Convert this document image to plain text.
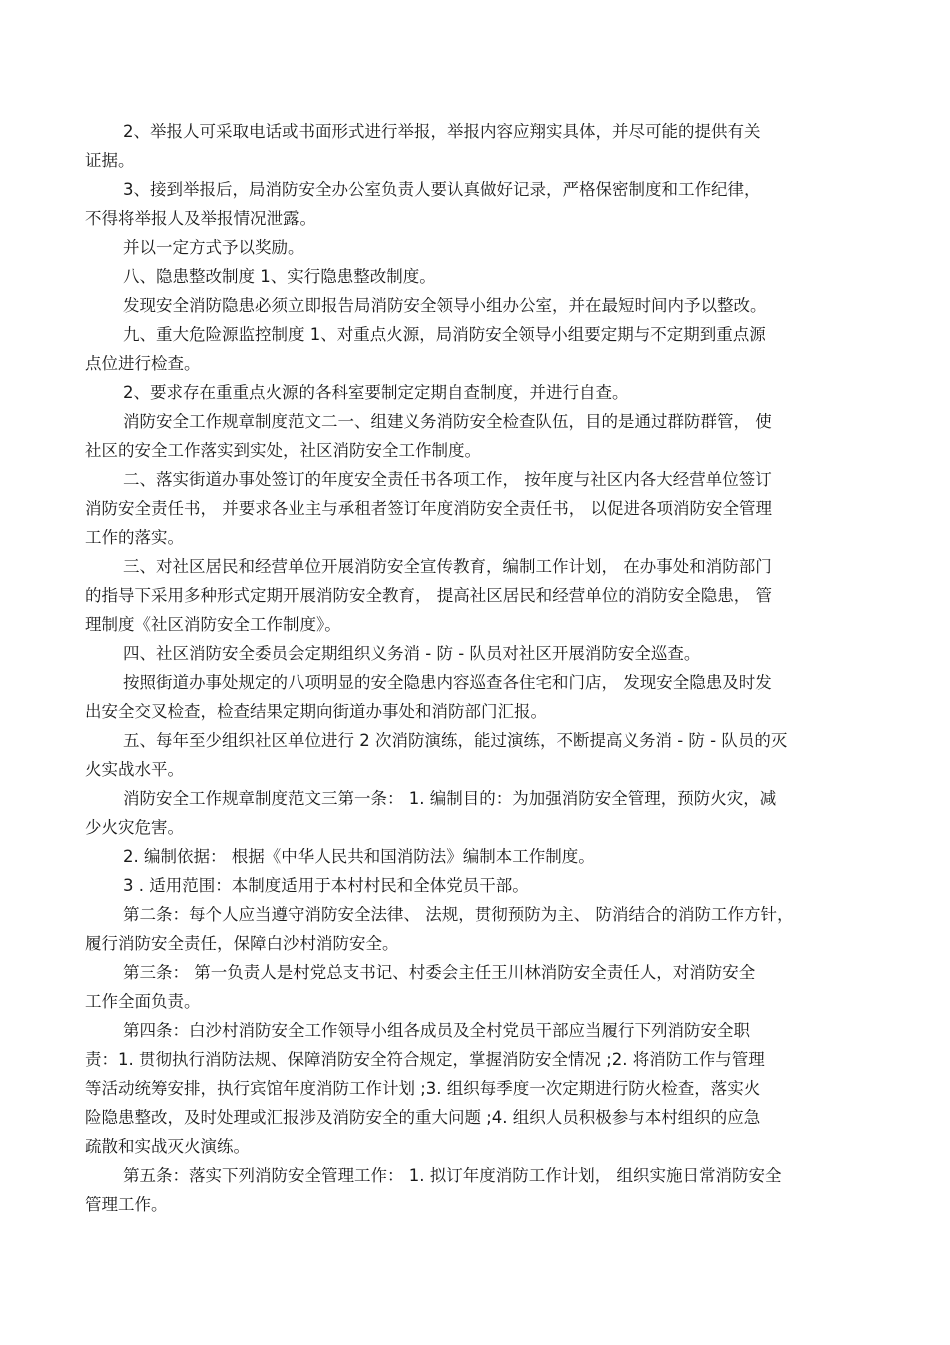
2、举报人可采取电话或书面形式进行举报，举报内容应翔实具体，并尽可能的提供有关
证据。
3、接到举报后，局消防安全办公室负责人要认真做好记录，严格保密制度和工作纪律，
不得将举报人及举报情况泄露。
并以一定方式予以奖励。
八、隐患整改制度 1、实行隐患整改制度。
发现安全消防隐患必须立即报告局消防安全领导小组办公室，并在最短时间内予以整改。
九、重大危险源监控制度 1、对重点火源，局消防安全领导小组要定期与不定期到重点源
点位进行检查。
2、要求存在重重点火源的各科室要制定定期自查制度，并进行自查。
消防安全工作规章制度范文二一、组建义务消防安全检查队伍，目的是通过群防群管， 使
社区的安全工作落实到实处，社区消防安全工作制度。
二、落实街道办事处签订的年度安全责任书各项工作， 按年度与社区内各大经营单位签订
消防安全责任书， 并要求各业主与承租者签订年度消防安全责任书， 以促进各项消防安全管理
工作的落实。
三、对社区居民和经营单位开展消防安全宣传教育，编制工作计划， 在办事处和消防部门
的指导下采用多种形式定期开展消防安全教育， 提高社区居民和经营单位的消防安全隐患， 管
理制度《社区消防安全工作制度》。
四、社区消防安全委员会定期组织义务消 - 防 - 队员对社区开展消防安全巡查。
按照街道办事处规定的八项明显的安全隐患内容巡查各住宅和门店， 发现安全隐患及时发
出安全交叉检查，检查结果定期向街道办事处和消防部门汇报。
五、每年至少组织社区单位进行 2 次消防演练，能过演练，不断提高义务消 - 防 - 队员的灭
火实战水平。
消防安全工作规章制度范文三第一条： 1. 编制目的：为加强消防安全管理，预防火灾，减
少火灾危害。
2. 编制依据： 根据《中华人民共和国消防法》编制本工作制度。
3 . 适用范围：本制度适用于本村村民和全体党员干部。
第二条：每个人应当遵守消防安全法律、 法规，贯彻预防为主、 防消结合的消防工作方针，
履行消防安全责任，保障白沙村消防安全。
第三条： 第一负责人是村党总支书记、村委会主任王川林消防安全责任人，对消防安全
工作全面负责。
第四条：白沙村消防安全工作领导小组各成员及全村党员干部应当履行下列消防安全职
责：1. 贯彻执行消防法规、保障消防安全符合规定，掌握消防安全情况 ;2. 将消防工作与管理
等活动统筹安排，执行宾馆年度消防工作计划 ;3. 组织每季度一次定期进行防火检查，落实火
险隐患整改，及时处理或汇报涉及消防安全的重大问题 ;4. 组织人员积极参与本村组织的应急
疏散和实战灭火演练。
第五条：落实下列消防安全管理工作： 1. 拟订年度消防工作计划， 组织实施日常消防安全
管理工作。
